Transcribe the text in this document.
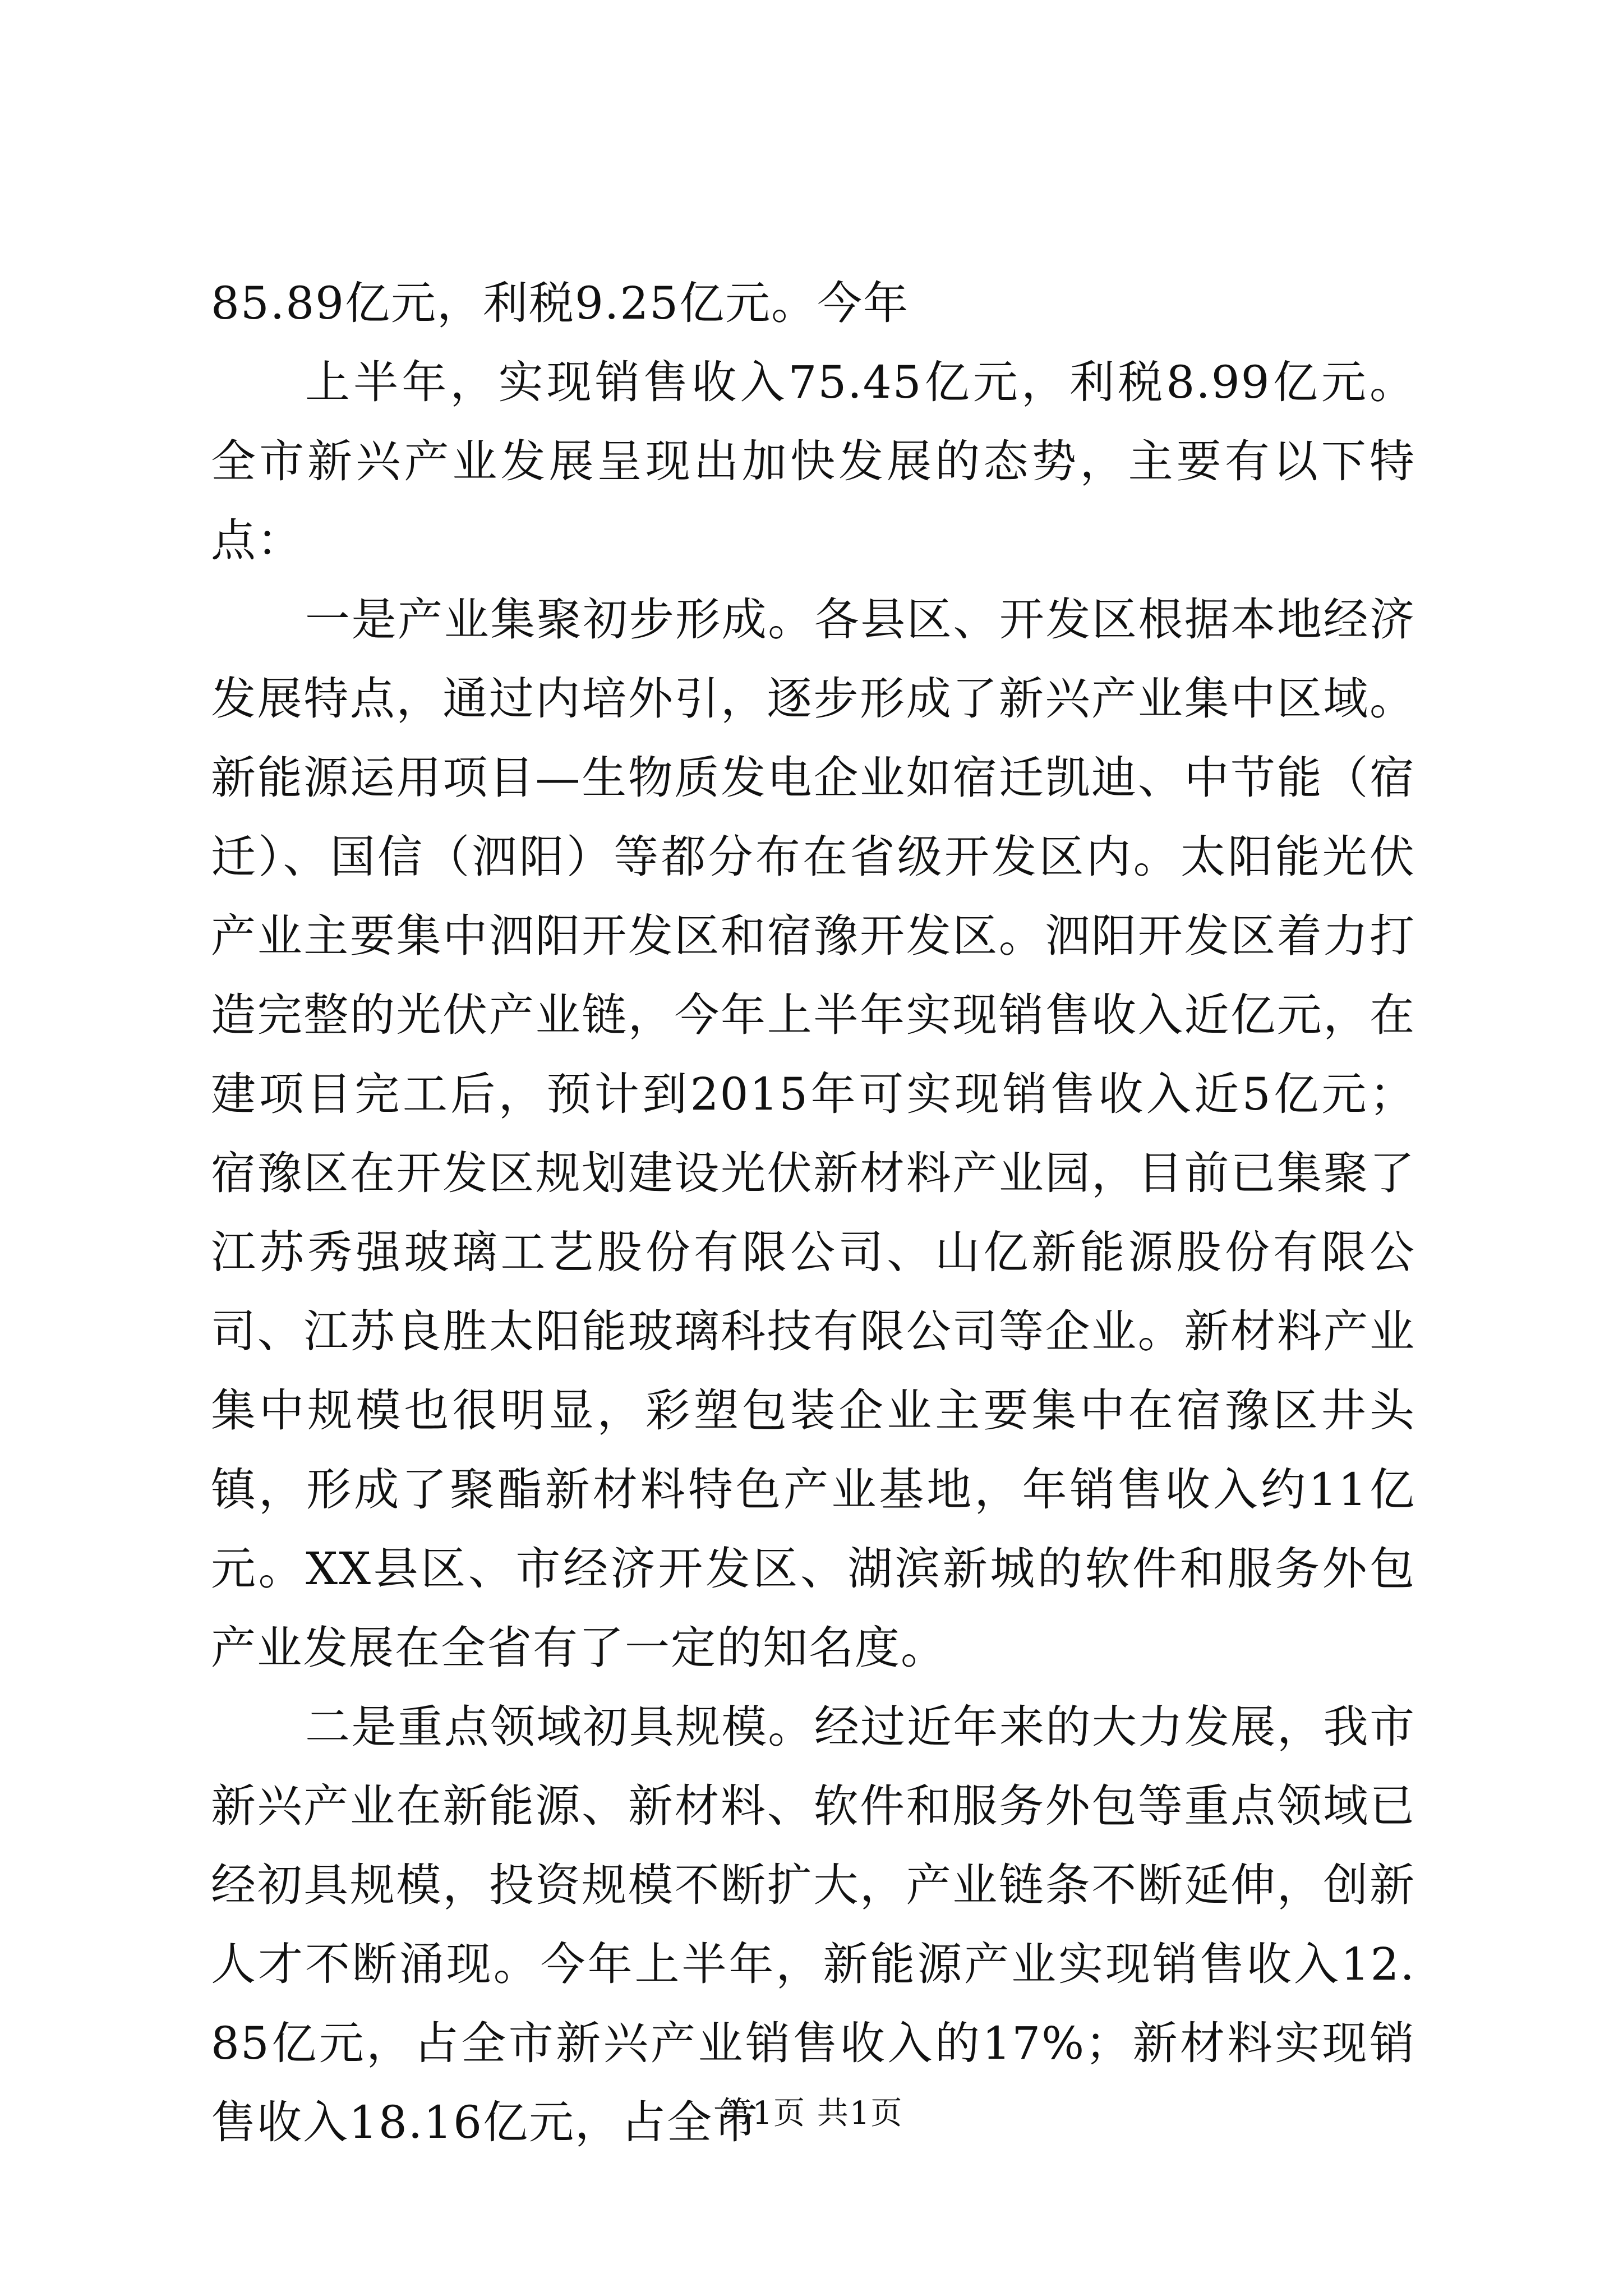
85.89亿元，利税9.25亿元。今年

上半年，实现销售收入75.45亿元，利税8.99亿元。全市新兴产业发展呈现出加快发展的态势，主要有以下特点：

一是产业集聚初步形成。各县区、开发区根据本地经济发展特点，通过内培外引，逐步形成了新兴产业集中区域。新能源运用项目—生物质发电企业如宿迁凯迪、中节能（宿迁）、国信（泗阳）等都分布在省级开发区内。太阳能光伏产业主要集中泗阳开发区和宿豫开发区。泗阳开发区着力打造完整的光伏产业链，今年上半年实现销售收入近亿元，在建项目完工后，预计到2015年可实现销售收入近5亿元；宿豫区在开发区规划建设光伏新材料产业园，目前已集聚了江苏秀强玻璃工艺股份有限公司、山亿新能源股份有限公司、江苏良胜太阳能玻璃科技有限公司等企业。新材料产业集中规模也很明显，彩塑包装企业主要集中在宿豫区井头镇，形成了聚酯新材料特色产业基地，年销售收入约11亿元。XX县区、市经济开发区、湖滨新城的软件和服务外包产业发展在全省有了一定的知名度。

二是重点领域初具规模。经过近年来的大力发展，我市新兴产业在新能源、新材料、软件和服务外包等重点领域已经初具规模，投资规模不断扩大，产业链条不断延伸，创新人才不断涌现。今年上半年，新能源产业实现销售收入12.85亿元，占全市新兴产业销售收入的17%；新材料实现销售收入18.16亿元，占全市

第1页 共1页
